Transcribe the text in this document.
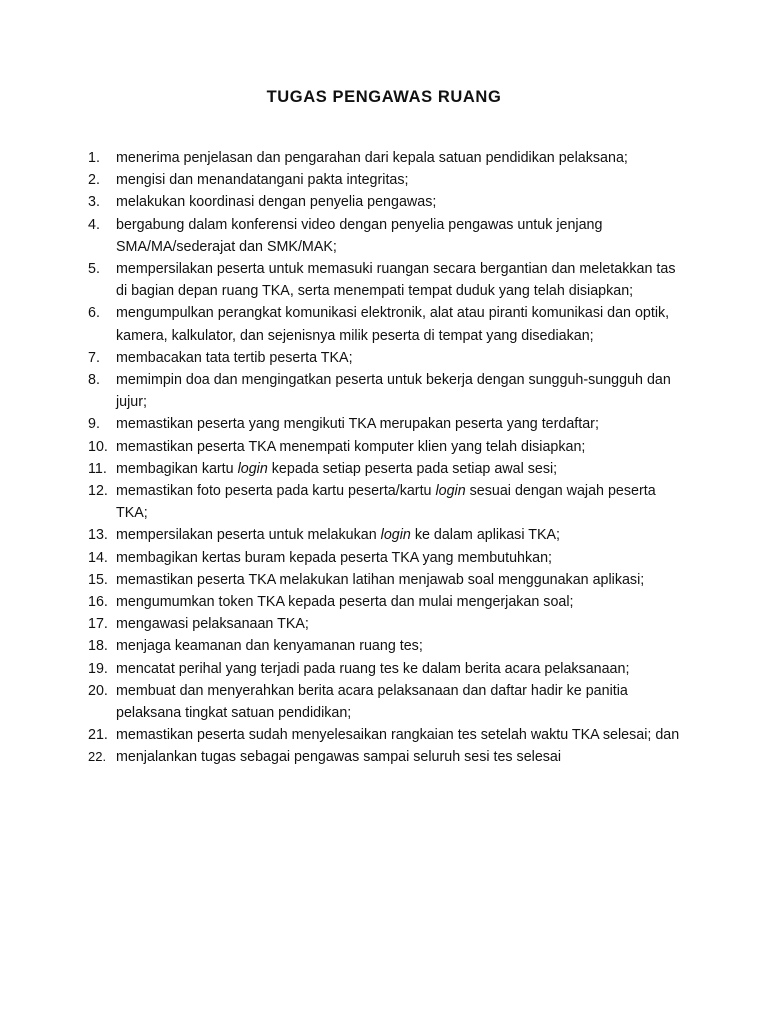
TUGAS PENGAWAS RUANG
1.	menerima penjelasan dan pengarahan dari kepala satuan pendidikan pelaksana;
2.	mengisi dan menandatangani pakta integritas;
3.	melakukan koordinasi dengan penyelia pengawas;
4.	bergabung dalam konferensi video dengan penyelia pengawas untuk jenjang SMA/MA/sederajat dan SMK/MAK;
5.	mempersilakan peserta untuk memasuki ruangan secara bergantian dan meletakkan tas di bagian depan ruang TKA, serta menempati tempat duduk yang telah disiapkan;
6.	mengumpulkan perangkat komunikasi elektronik, alat atau piranti komunikasi dan optik, kamera, kalkulator, dan sejenisnya milik peserta di tempat yang disediakan;
7.	membacakan tata tertib peserta TKA;
8.	memimpin doa dan mengingatkan peserta untuk bekerja dengan sungguh-sungguh dan jujur;
9.	memastikan peserta yang mengikuti TKA merupakan peserta yang terdaftar;
10. memastikan peserta TKA menempati komputer klien yang telah disiapkan;
11. membagikan kartu login kepada setiap peserta pada setiap awal sesi;
12. memastikan foto peserta pada kartu peserta/kartu login sesuai dengan wajah peserta TKA;
13. mempersilakan peserta untuk melakukan login ke dalam aplikasi TKA;
14. membagikan kertas buram kepada peserta TKA yang membutuhkan;
15. memastikan peserta TKA melakukan latihan menjawab soal menggunakan aplikasi;
16. mengumumkan token TKA kepada peserta dan mulai mengerjakan soal;
17. mengawasi pelaksanaan TKA;
18. menjaga keamanan dan kenyamanan ruang tes;
19. mencatat perihal yang terjadi pada ruang tes ke dalam berita acara pelaksanaan;
20. membuat dan menyerahkan berita acara pelaksanaan dan daftar hadir ke panitia pelaksana tingkat satuan pendidikan;
21. memastikan peserta sudah menyelesaikan rangkaian tes setelah waktu TKA selesai; dan
22. menjalankan tugas sebagai pengawas sampai seluruh sesi tes selesai
